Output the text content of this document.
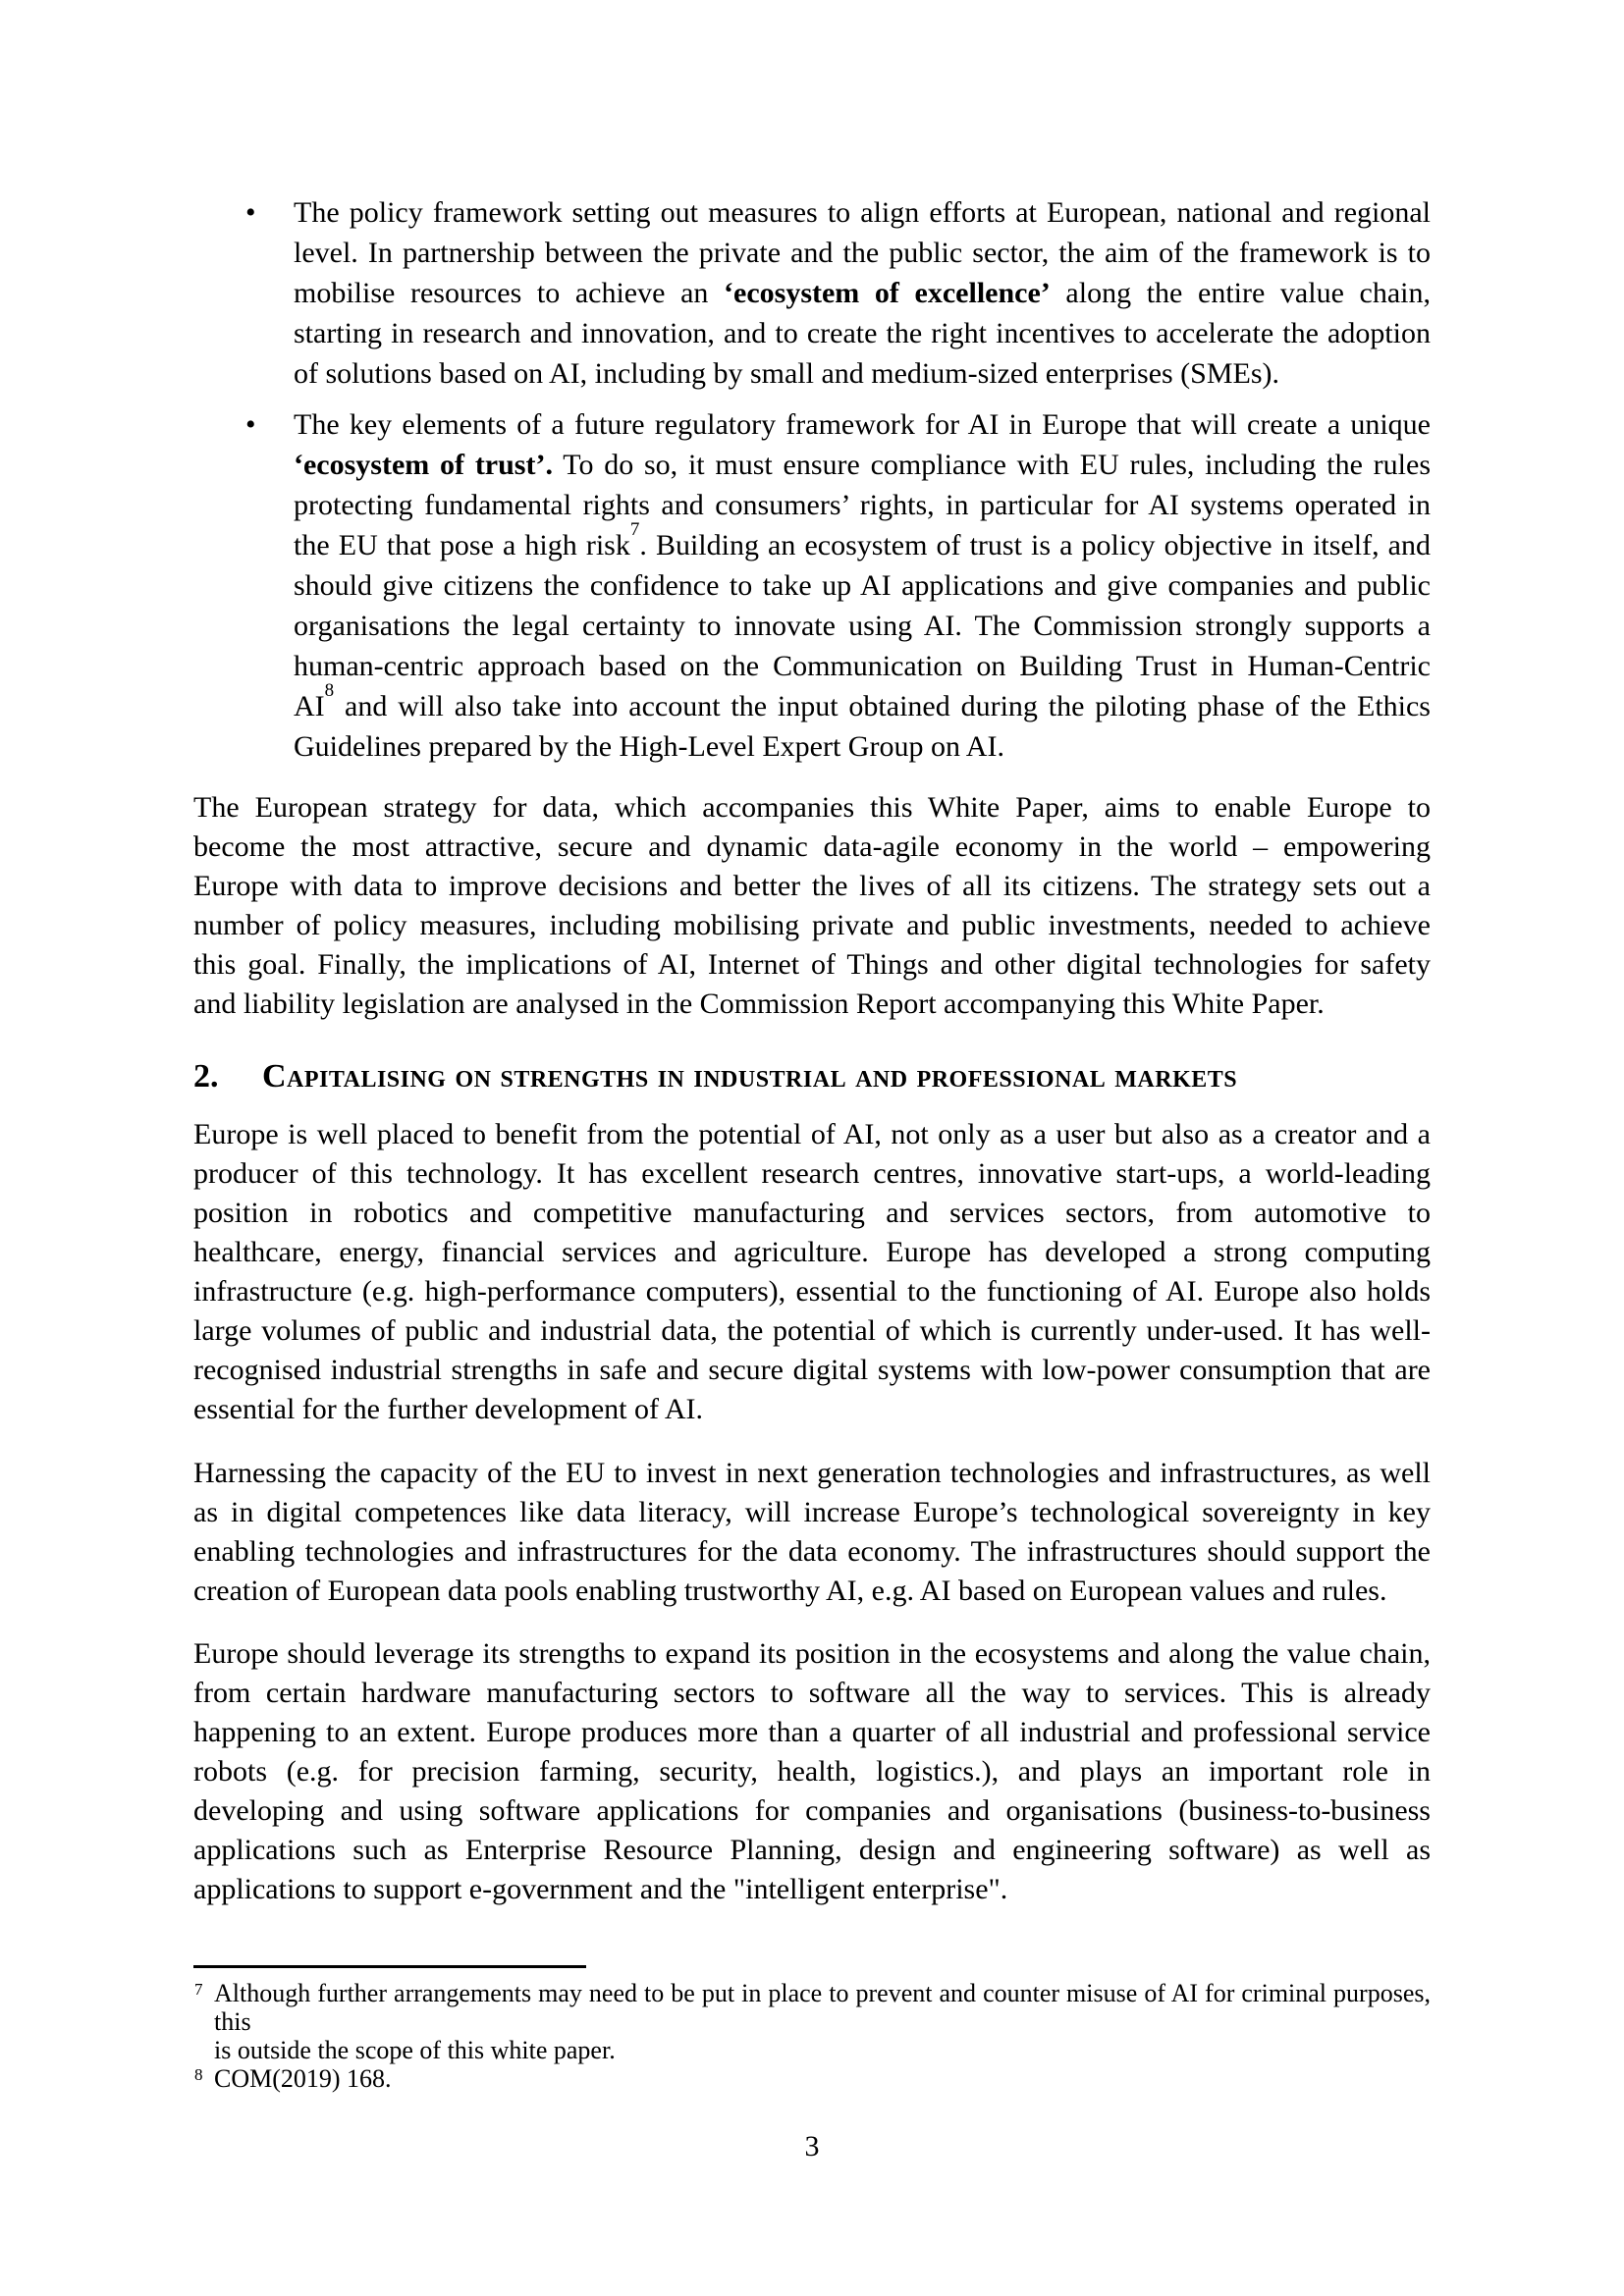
• The policy framework setting out measures to align efforts at European, national and regional
level. In partnership between the private and the public sector, the aim of the framework is to
mobilise resources to achieve an ‘ecosystem of excellence’ along the entire value chain,
starting in research and innovation, and to create the right incentives to accelerate the adoption
of solutions based on AI, including by small and medium-sized enterprises (SMEs).
• The key elements of a future regulatory framework for AI in Europe that will create a unique
‘ecosystem of trust’. To do so, it must ensure compliance with EU rules, including the rules
protecting fundamental rights and consumers’ rights, in particular for AI systems operated in
the EU that pose a high risk$^7$. Building an ecosystem of trust is a policy objective in itself, and
should give citizens the confidence to take up AI applications and give companies and public
organisations the legal certainty to innovate using AI. The Commission strongly supports a
human-centric approach based on the Communication on Building Trust in Human-Centric
$AI^8$ and will also take into account the input obtained during the piloting phase of the Ethics
Guidelines prepared by the High-Level Expert Group on AI.
The European strategy for data, which accompanies this White Paper, aims to enable Europe to
become the most attractive, secure and dynamic data-agile economy in the world – empowering
Europe with data to improve decisions and better the lives of all its citizens. The strategy sets out a
number of policy measures, including mobilising private and public investments, needed to achieve
this goal. Finally, the implications of AI, Internet of Things and other digital technologies for safety
and liability legislation are analysed in the Commission Report accompanying this White Paper.
2. Capitalising on strengths in industrial and professional markets
Europe is well placed to benefit from the potential of AI, not only as a user but also as a creator and a
producer of this technology. It has excellent research centres, innovative start-ups, a world-leading
position in robotics and competitive manufacturing and services sectors, from automotive to
healthcare, energy, financial services and agriculture. Europe has developed a strong computing
infrastructure (e.g. high-performance computers), essential to the functioning of AI. Europe also holds
large volumes of public and industrial data, the potential of which is currently under-used. It has well-
recognised industrial strengths in safe and secure digital systems with low-power consumption that are
essential for the further development of AI.
Harnessing the capacity of the EU to invest in next generation technologies and infrastructures, as well
as in digital competences like data literacy, will increase Europe’s technological sovereignty in key
enabling technologies and infrastructures for the data economy. The infrastructures should support the
creation of European data pools enabling trustworthy AI, e.g. AI based on European values and rules.
Europe should leverage its strengths to expand its position in the ecosystems and along the value chain,
from certain hardware manufacturing sectors to software all the way to services. This is already
happening to an extent. Europe produces more than a quarter of all industrial and professional service
robots (e.g. for precision farming, security, health, logistics.), and plays an important role in
developing and using software applications for companies and organisations (business-to-business
applications such as Enterprise Resource Planning, design and engineering software) as well as
applications to support e-government and the "intelligent enterprise".
7 Although further arrangements may need to be put in place to prevent and counter misuse of AI for criminal purposes, this
is outside the scope of this white paper.
8 COM(2019) 168.
3
